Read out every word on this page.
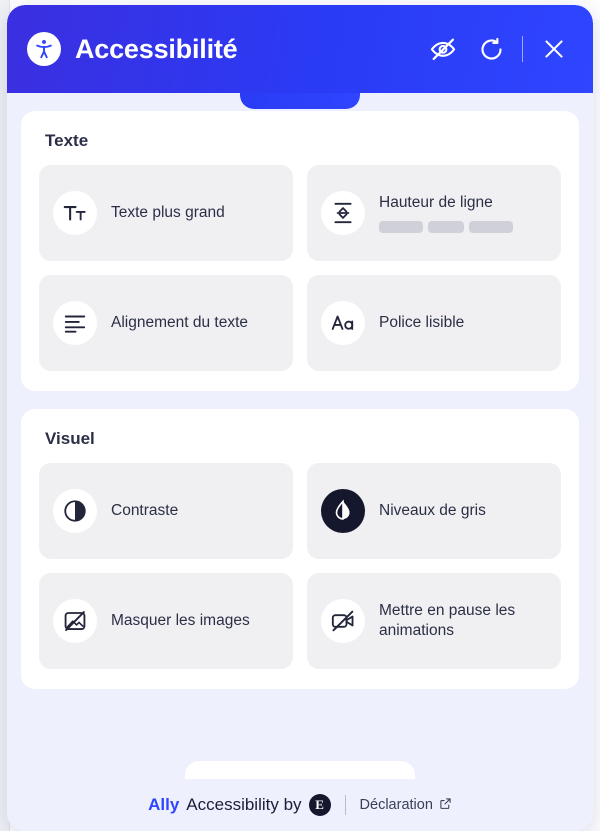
Accessibilité
Texte
Texte plus grand
Hauteur de ligne
Alignement du texte	Police lisible
Visuel
Contraste	Niveaux de gris
Masquer les images
Mettre en pause les animations
Ally Accessibility by	E	Déclaration
